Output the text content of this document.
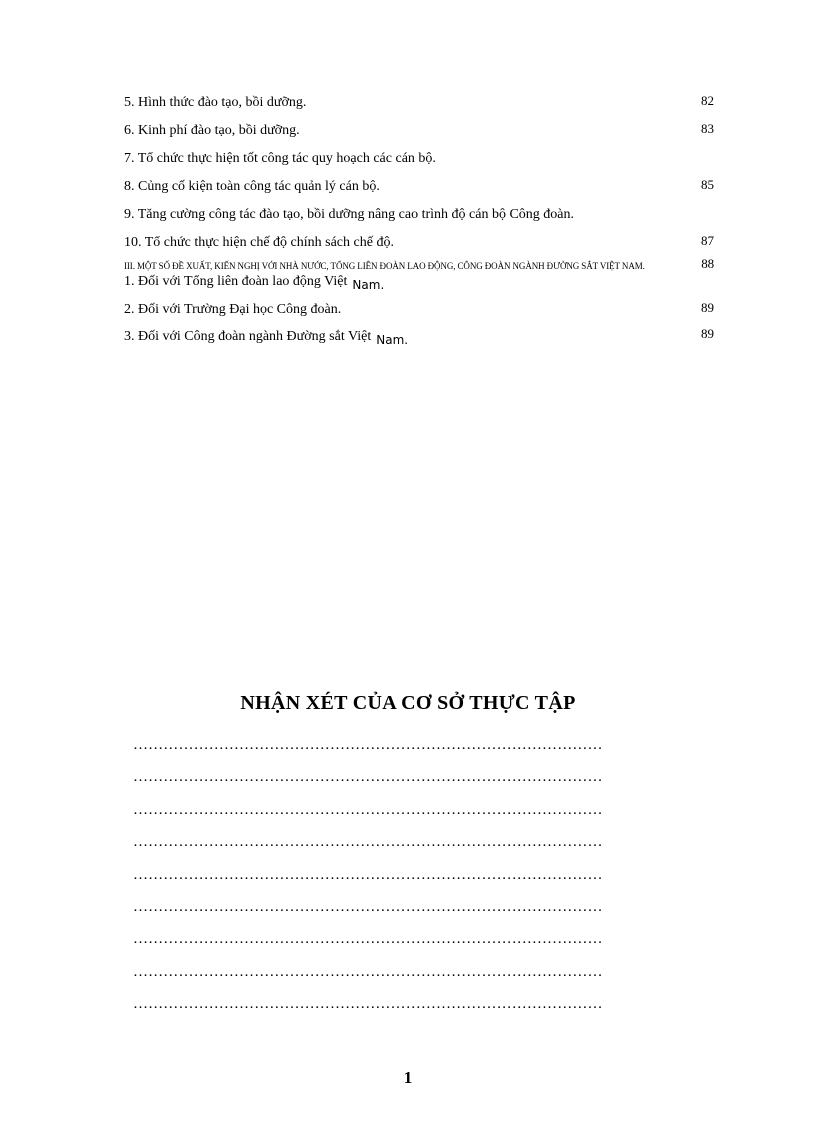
5. Hình thức đào tạo, bồi dưỡng.	82
6. Kinh phí đào tạo, bồi dưỡng.	83
7. Tổ chức thực hiện tốt công tác quy hoạch các cán bộ.
8. Củng cố kiện toàn công tác quản lý cán bộ.	85
9. Tăng cường công tác đào tạo, bồi dưỡng nâng cao trình độ cán bộ Công đoàn.
10. Tổ chức thực hiện chế độ chính sách chế độ.	87
III. MỘT SỐ ĐỀ XUẤT, KIẾN NGHỊ VỚI NHÀ NƯỚC, TỔNG LIÊN ĐOÀN LAO ĐỘNG, CÔNG ĐOÀN NGÀNH ĐƯỜNG SẮT VIỆT NAM.	88
1. Đối với Tổng liên đoàn lao động Việt Nam.
2. Đối với Trường Đại học Công đoàn.	89
3. Đối với Công đoàn ngành Đường sắt Việt Nam.	89
NHẬN XÉT CỦA CƠ SỞ THỰC TẬP
…………………………………………………………………………………
…………………………………………………………………………………
…………………………………………………………………………………
…………………………………………………………………………………
…………………………………………………………………………………
…………………………………………………………………………………
…………………………………………………………………………………
…………………………………………………………………………………
…………………………………………………………………………………
1
